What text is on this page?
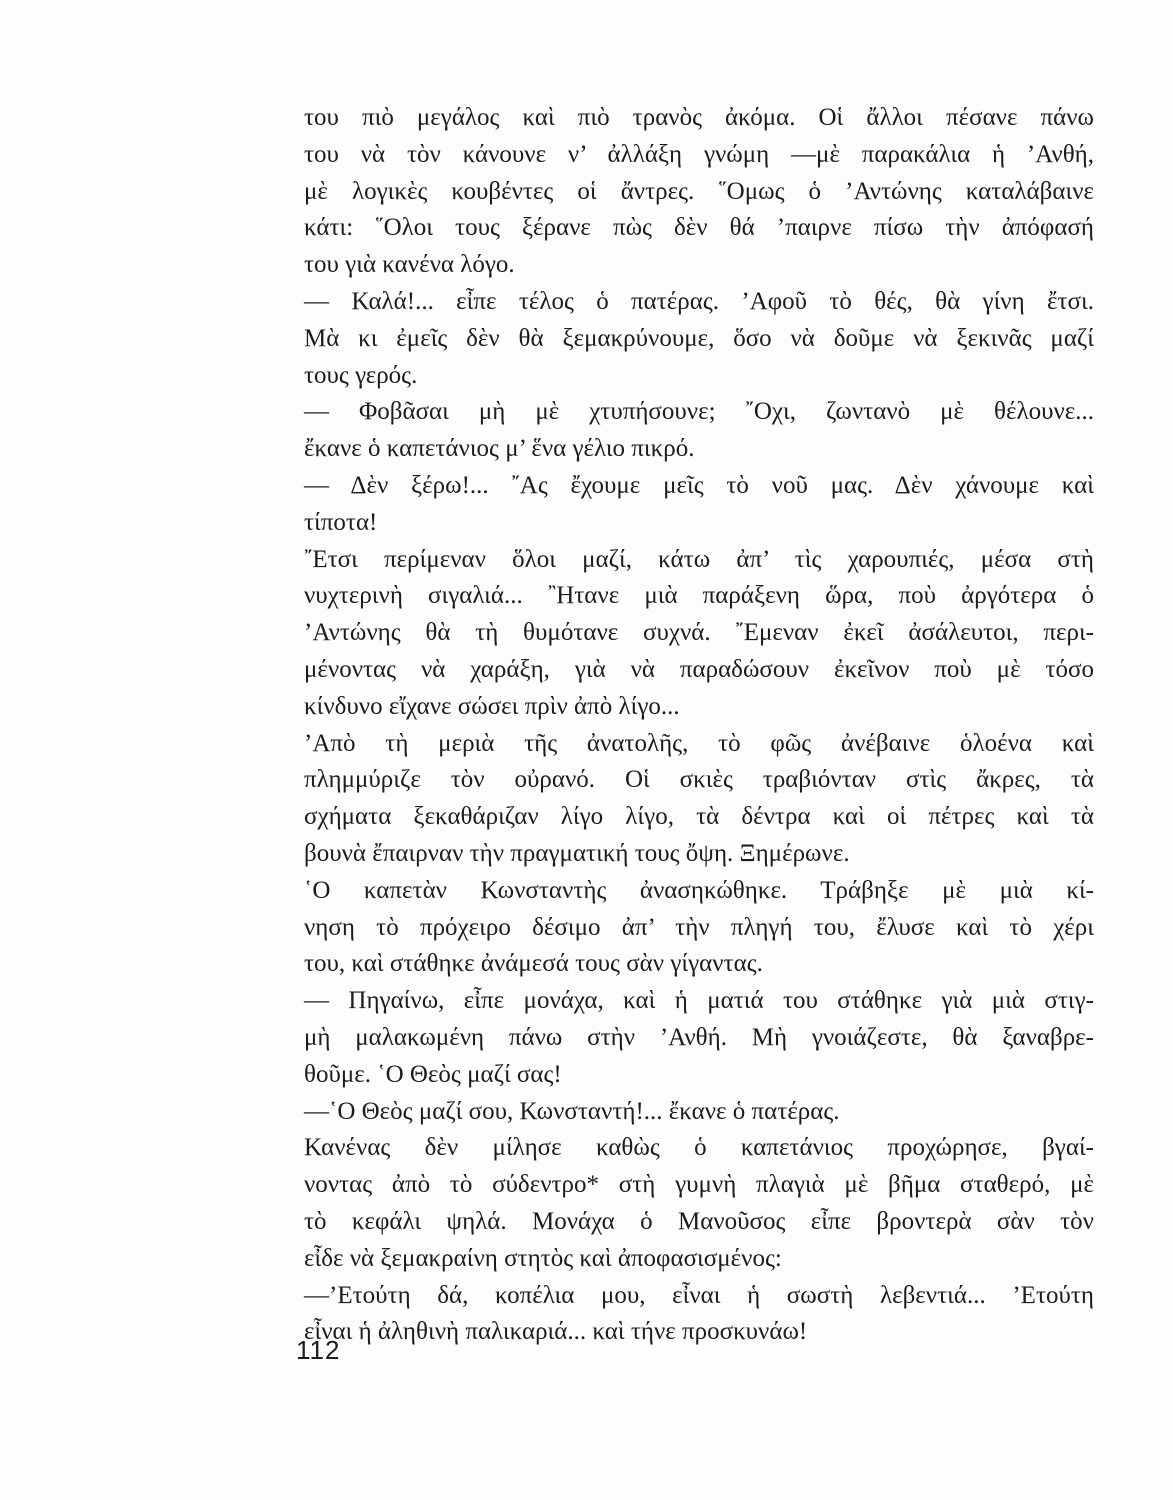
του πιὸ μεγάλος καὶ πιὸ τρανὸς ἀκόμα. Οἱ ἄλλοι πέσανε πάνω
του νὰ τὸν κάνουνε ν’ ἀλλάξη γνώμη —μὲ παρακάλια ἡ ’Ανθή,
μὲ λογικὲς κουβέντες οἱ ἄντρες. ῞Ομως ὁ ’Αντώνης καταλάβαινε
κάτι: ῞Ολοι τους ξέρανε πὼς δὲν θά ’παιρνε πίσω τὴν ἀπόφασή
του γιὰ κανένα λόγο.
— Καλά!... εἶπε τέλος ὁ πατέρας. ’Αφοῦ τὸ θές, θὰ γίνη ἔτσι.
Μὰ κι ἐμεῖς δὲν θὰ ξεμακρύνουμε, ὅσο νὰ δοῦμε νὰ ξεκινᾶς μαζί
τους γερός.
— Φοβᾶσαι μὴ μὲ χτυπήσουνε; ῎Οχι, ζωντανὸ μὲ θέλουνε...
ἔκανε ὁ καπετάνιος μ’ ἕνα γέλιο πικρό.
— Δὲν ξέρω!... ῎Ας ἔχουμε μεῖς τὸ νοῦ μας. Δὲν χάνουμε καὶ
τίποτα!
῎Ετσι περίμεναν ὅλοι μαζί, κάτω ἀπ’ τὶς χαρουπιές, μέσα στὴ
νυχτερινὴ σιγαλιά... ῍Ητανε μιὰ παράξενη ὥρα, ποὺ ἀργότερα ὁ
’Αντώνης θὰ τὴ θυμότανε συχνά. ῎Εμεναν ἐκεῖ ἀσάλευτοι, περι-
μένοντας νὰ χαράξη, γιὰ νὰ παραδώσουν ἐκεῖνον ποὺ μὲ τόσο
κίνδυνο εἴχανε σώσει πρὶν ἀπὸ λίγο...
’Απὸ τὴ μεριὰ τῆς ἀνατολῆς, τὸ φῶς ἀνέβαινε ὁλοένα καὶ
πλημμύριζε τὸν οὐρανό. Οἱ σκιὲς τραβιόνταν στὶς ἄκρες, τὰ
σχήματα ξεκαθάριζαν λίγο λίγο, τὰ δέντρα καὶ οἱ πέτρες καὶ τὰ
βουνὰ ἔπαιρναν τὴν πραγματική τους ὄψη. Ξημέρωνε.
῾Ο καπετὰν Κωνσταντὴς ἀνασηκώθηκε. Τράβηξε μὲ μιὰ κί-
νηση τὸ πρόχειρο δέσιμο ἀπ’ τὴν πληγή του, ἔλυσε καὶ τὸ χέρι
του, καὶ στάθηκε ἀνάμεσά τους σὰν γίγαντας.
— Πηγαίνω, εἶπε μονάχα, καὶ ἡ ματιά του στάθηκε γιὰ μιὰ στιγ-
μὴ μαλακωμένη πάνω στὴν ’Ανθή. Μὴ γνοιάζεστε, θὰ ξαναβρε-
θοῦμε. ῾Ο Θεὸς μαζί σας!
—῾Ο Θεὸς μαζί σου, Κωνσταντή!... ἔκανε ὁ πατέρας.
Κανένας δὲν μίλησε καθὼς ὁ καπετάνιος προχώρησε, βγαί-
νοντας ἀπὸ τὸ σύδεντρο* στὴ γυμνὴ πλαγιὰ μὲ βῆμα σταθερό, μὲ
τὸ κεφάλι ψηλά. Μονάχα ὁ Μανοῦσος εἶπε βροντερὰ σὰν τὸν
εἶδε νὰ ξεμακραίνη στητὸς καὶ ἀποφασισμένος:
—’Ετούτη δά, κοπέλια μου, εἶναι ἡ σωστὴ λεβεντιά... ’Ετούτη
εἶναι ἡ ἀληθινὴ παλικαριά... καὶ τήνε προσκυνάω!
112
